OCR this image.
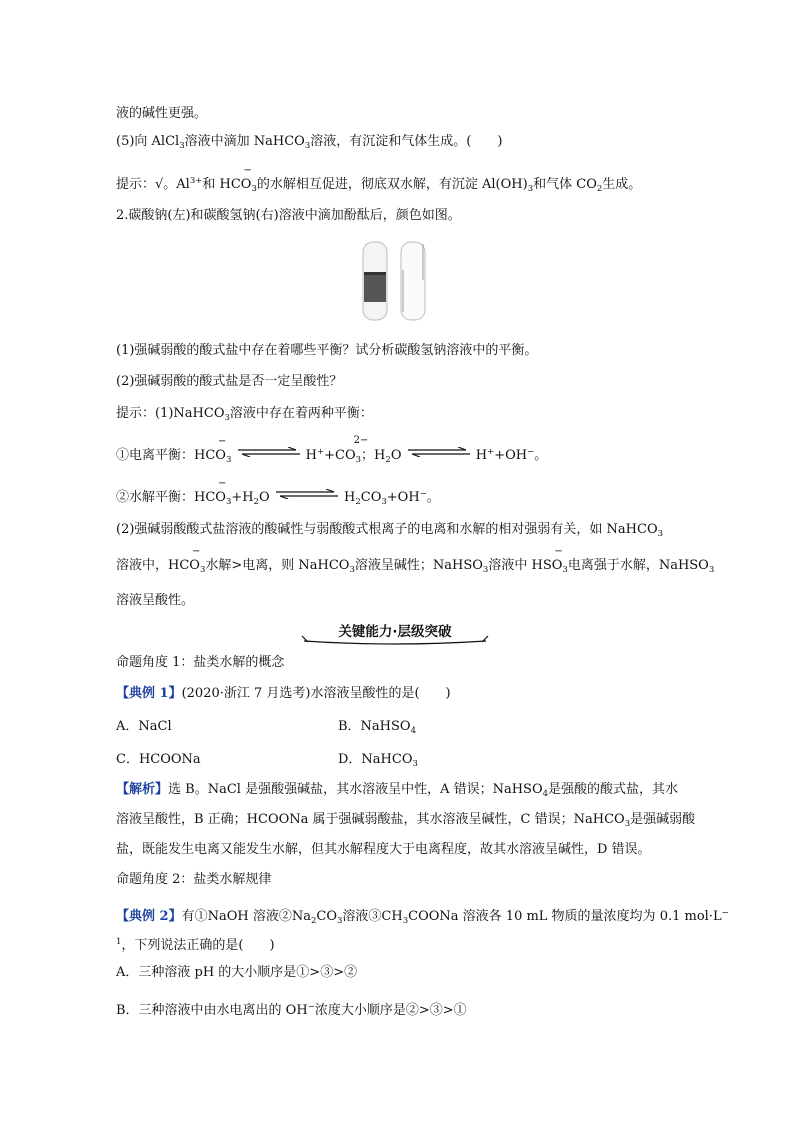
液的碱性更强。
(5)向 AlCl$_3$溶液中滴加 NaHCO$_3$溶液，有沉淀和气体生成。(　　)
提示：√。$Al^{3+}$和 HCO
−
$_3$的水解相互促进，彻底双水解，有沉淀 $Al(OH)_3$和气体 $CO_2$生成。
2.碳酸钠(左)和碳酸氢钠(右)溶液中滴加酚酞后，颜色如图。
(1)强碱弱酸的酸式盐中存在着哪些平衡？试分析碳酸氢钠溶液中的平衡。
(2)强碱弱酸的酸式盐是否一定呈酸性？
提示：(1)NaHCO$_3$溶液中存在着两种平衡：
①电离平衡：HCO
−
$_3$	H++CO
2−
$_3$；$H_2O$	H++OH−。
②水解平衡：HCO
−
$_3+H_2O$	$H_2CO_3+OH^-$。
(2)强碱弱酸酸式盐溶液的酸碱性与弱酸酸式根离子的电离和水解的相对强弱有关，如 NaHCO$_3$
溶液中，HCO
−
$_3$水解>电离，则 NaHCO$_3$溶液呈碱性；NaHSO$_3$溶液中 HSO
−
$_3$电离强于水解，NaHSO$_3$
溶液呈酸性。
关键能力·层级突破
命题角度 1：盐类水解的概念
【典例 1】(2020·浙江 7 月选考)水溶液呈酸性的是(　　)
A．NaCl	B．NaHSO$_4$
C．HCOONa	D．NaHCO$_3$
【解析】选 B。NaCl 是强酸强碱盐，其水溶液呈中性，A 错误；NaHSO$_4$是强酸的酸式盐，其水
溶液呈酸性，B 正确；HCOONa 属于强碱弱酸盐，其水溶液呈碱性，C 错误；NaHCO$_3$是强碱弱酸
盐，既能发生电离又能发生水解，但其水解程度大于电离程度，故其水溶液呈碱性，D 错误。
命题角度 2：盐类水解规律
【典例 2】有①NaOH 溶液$②Na_2CO_3$溶液$③CH_3COONa$ 溶液各 10 mL 物质的量浓度均为 0.1 mol·L−
$^1$，下列说法正确的是(　　)
A．三种溶液 pH 的大小顺序是①>③>②
B．三种溶液中由水电离出的 OH−浓度大小顺序是②>③>①
